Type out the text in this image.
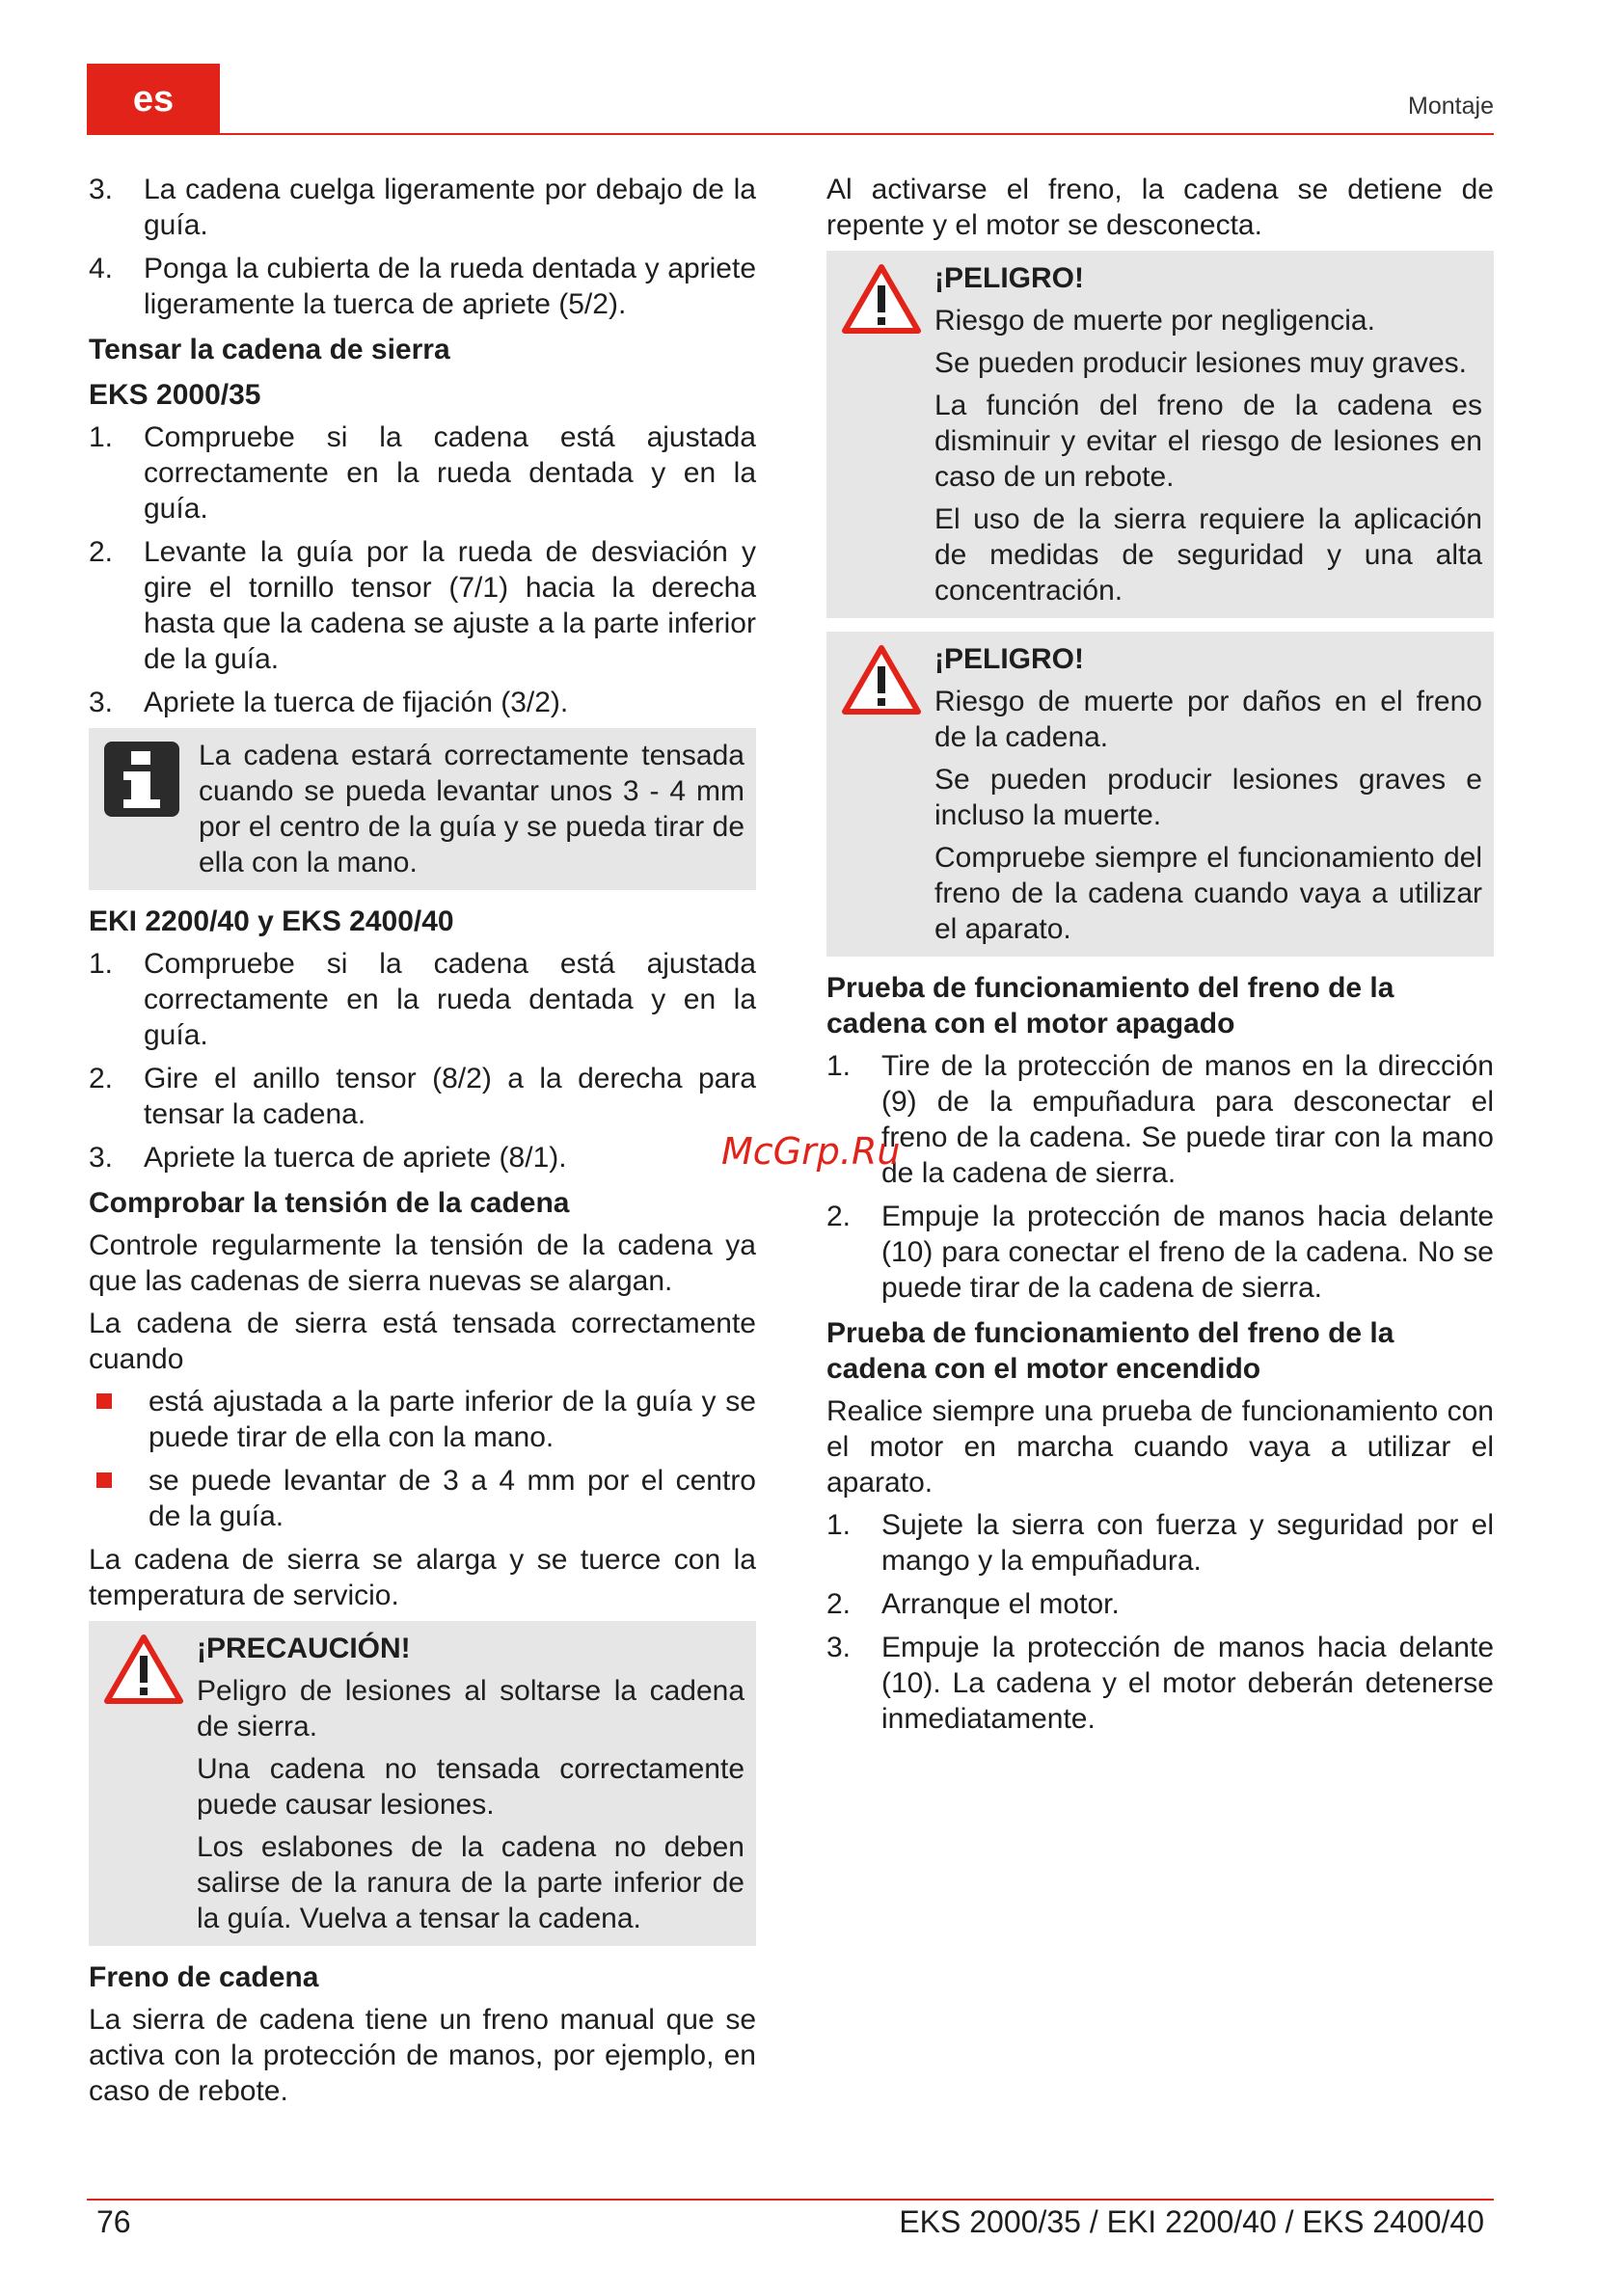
es	Montaje
3. La cadena cuelga ligeramente por debajo de la guía.
4. Ponga la cubierta de la rueda dentada y apriete ligeramente la tuerca de apriete (5/2).
Tensar la cadena de sierra
EKS 2000/35
1. Compruebe si la cadena está ajustada correctamente en la rueda dentada y en la guía.
2. Levante la guía por la rueda de desviación y gire el tornillo tensor (7/1) hacia la derecha hasta que la cadena se ajuste a la parte inferior de la guía.
3. Apriete la tuerca de fijación (3/2).

La cadena estará correctamente tensada cuando se pueda levantar unos 3 - 4 mm por el centro de la guía y se pueda tirar de ella con la mano.

EKI 2200/40 y EKS 2400/40
1. Compruebe si la cadena está ajustada correctamente en la rueda dentada y en la guía.
2. Gire el anillo tensor (8/2) a la derecha para tensar la cadena.
3. Apriete la tuerca de apriete (8/1).
Comprobar la tensión de la cadena

Controle regularmente la tensión de la cadena ya que las cadenas de sierra nuevas se alargan.

La cadena de sierra está tensada correctamente cuando

está ajustada a la parte inferior de la guía y se puede tirar de ella con la mano.
se puede levantar de 3 a 4 mm por el centro de la guía.

La cadena de sierra se alarga y se tuerce con la temperatura de servicio.

¡PRECAUCIÓN!

Peligro de lesiones al soltarse la cadena de sierra.

Una cadena no tensada correctamente puede causar lesiones.

Los eslabones de la cadena no deben salirse de la ranura de la parte inferior de la guía. Vuelva a tensar la cadena.

Freno de cadena

La sierra de cadena tiene un freno manual que se activa con la protección de manos, por ejemplo, en caso de rebote.

Al activarse el freno, la cadena se detiene de repente y el motor se desconecta.

¡PELIGRO!

Riesgo de muerte por negligencia.

Se pueden producir lesiones muy graves.

La función del freno de la cadena es disminuir y evitar el riesgo de lesiones en caso de un rebote.

El uso de la sierra requiere la aplicación de medidas de seguridad y una alta concentración.

¡PELIGRO!

Riesgo de muerte por daños en el freno de la cadena.

Se pueden producir lesiones graves e incluso la muerte.

Compruebe siempre el funcionamiento del freno de la cadena cuando vaya a utilizar el aparato.

Prueba de funcionamiento del freno de la cadena con el motor apagado
1. Tire de la protección de manos en la dirección (9) de la empuñadura para desconectar el freno de la cadena. Se puede tirar con la mano de la cadena de sierra.
2. Empuje la protección de manos hacia delante (10) para conectar el freno de la cadena. No se puede tirar de la cadena de sierra.
Prueba de funcionamiento del freno de la cadena con el motor encendido

Realice siempre una prueba de funcionamiento con el motor en marcha cuando vaya a utilizar el aparato.

1. Sujete la sierra con fuerza y seguridad por el mango y la empuñadura.
2. Arranque el motor.
3. Empuje la protección de manos hacia delante (10). La cadena y el motor deberán detenerse inmediatamente.
McGrp.Ru
76	EKS 2000/35 / EKI 2200/40 / EKS 2400/40
